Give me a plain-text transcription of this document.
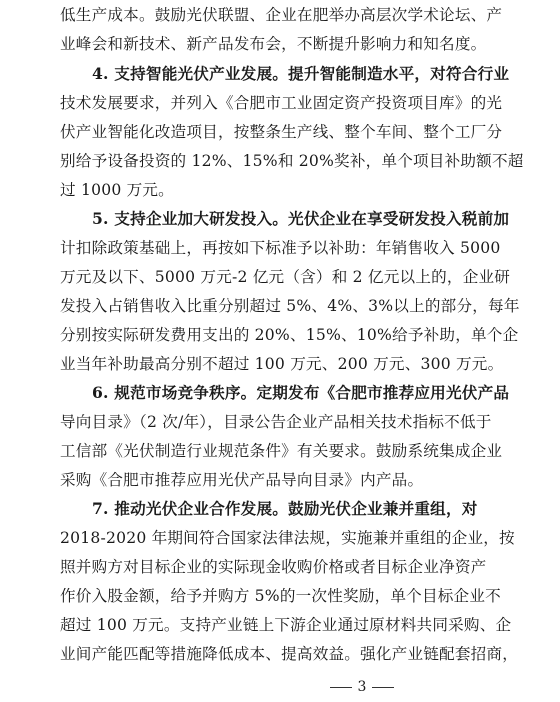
低生产成本。鼓励光伏联盟、企业在肥举办高层次学术论坛、产
业峰会和新技术、新产品发布会，不断提升影响力和知名度。
4. 支持智能光伏产业发展。提升智能制造水平，对符合行业
技术发展要求，并列入《合肥市工业固定资产投资项目库》的光
伏产业智能化改造项目，按整条生产线、整个车间、整个工厂分
别给予设备投资的 12%、15%和 20%奖补，单个项目补助额不超
过 1000 万元。
5. 支持企业加大研发投入。光伏企业在享受研发投入税前加
计扣除政策基础上，再按如下标准予以补助：年销售收入 5000
万元及以下、5000 万元-2 亿元（含）和 2 亿元以上的，企业研
发投入占销售收入比重分别超过 5%、4%、3%以上的部分，每年
分别按实际研发费用支出的 20%、15%、10%给予补助，单个企
业当年补助最高分别不超过 100 万元、200 万元、300 万元。
6. 规范市场竞争秩序。定期发布《合肥市推荐应用光伏产品
导向目录》（2 次/年），目录公告企业产品相关技术指标不低于
工信部《光伏制造行业规范条件》有关要求。鼓励系统集成企业
采购《合肥市推荐应用光伏产品导向目录》内产品。
7. 推动光伏企业合作发展。鼓励光伏企业兼并重组，对
2018-2020 年期间符合国家法律法规，实施兼并重组的企业，按
照并购方对目标企业的实际现金收购价格或者目标企业净资产
作价入股金额，给予并购方 5%的一次性奖励，单个目标企业不
超过 100 万元。支持产业链上下游企业通过原材料共同采购、企
业间产能匹配等措施降低成本、提高效益。强化产业链配套招商，
3
